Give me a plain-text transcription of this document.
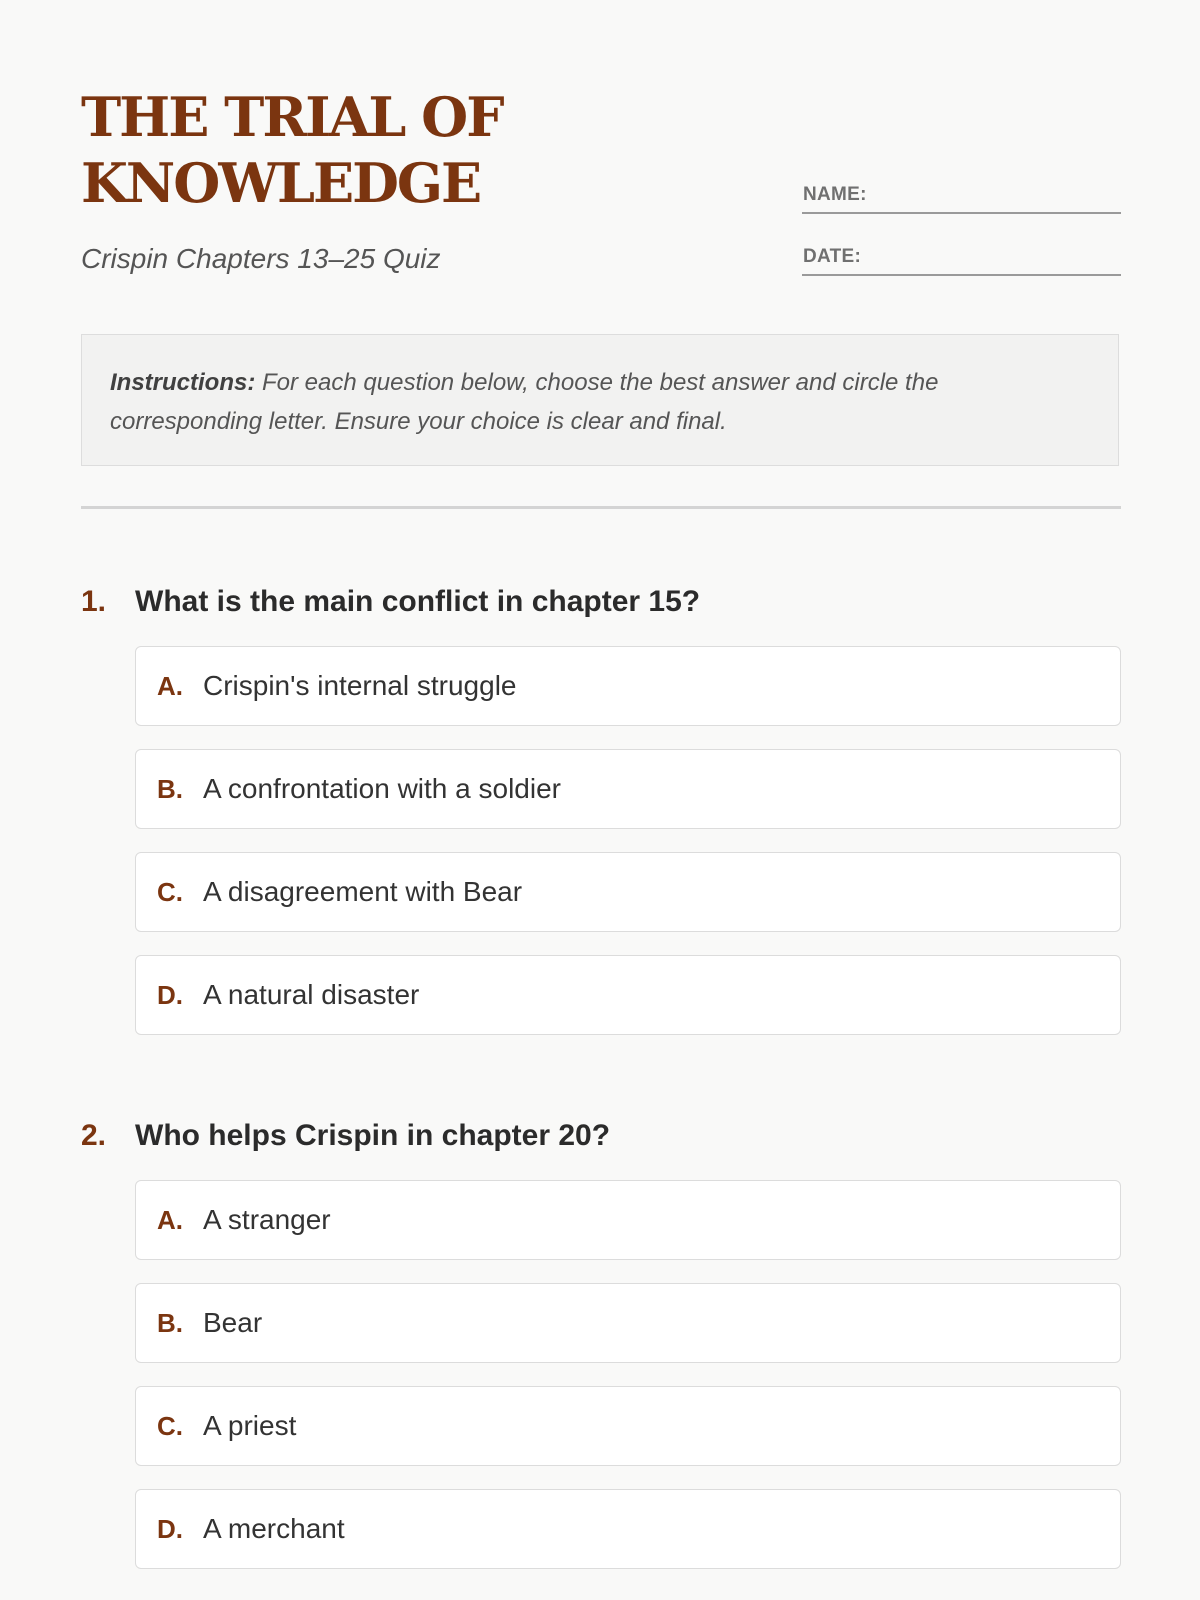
THE TRIAL OF
KNOWLEDGE

Crispin Chapters 13–25 Quiz

NAME:
DATE:
Instructions: For each question below, choose the best answer and circle the corresponding letter. Ensure your choice is clear and final.
1. What is the main conflict in chapter 15?
A. Crispin's internal struggle
B. A confrontation with a soldier
C. A disagreement with Bear
D. A natural disaster
2. Who helps Crispin in chapter 20?
A. A stranger
B. Bear
C. A priest
D. A merchant
